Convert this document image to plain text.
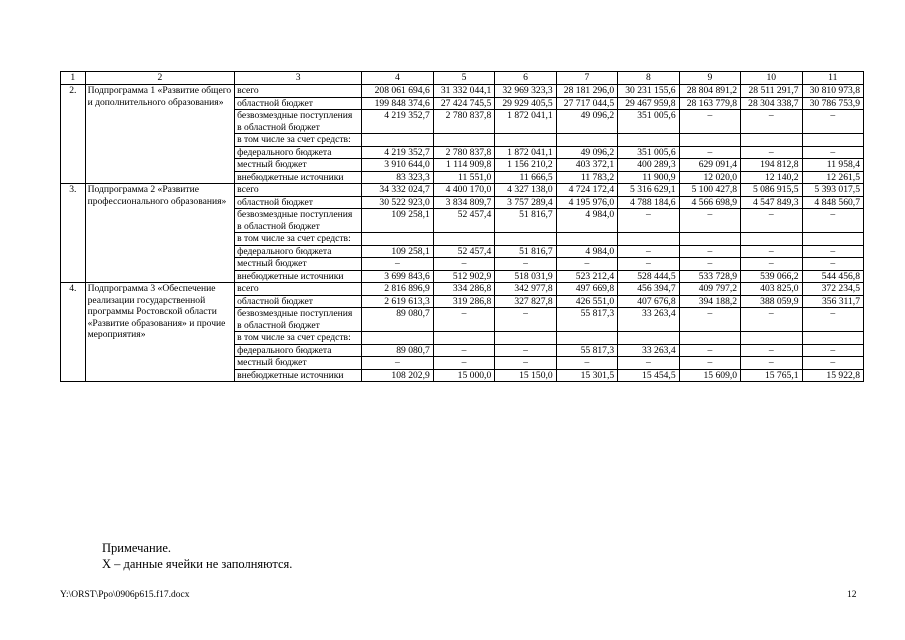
1	2	3	4	5	6	7	8	9	10	11
2.	Подпрограмма 1 «Развитие общего и дополнительного образования»	всего	208 061 694,6	31 332 044,1	32 969 323,3	28 181 296,0	30 231 155,6	28 804 891,2	28 511 291,7	30 810 973,8
		областной бюджет	199 848 374,6	27 424 745,5	29 929 405,5	27 717 044,5	29 467 959,8	28 163 779,8	28 304 338,7	30 786 753,9
		безвозмездные поступления в областной бюджет	4 219 352,7	2 780 837,8	1 872 041,1	49 096,2	351 005,6	–	–	–
		в том числе за счет средств:								
		федерального бюджета	4 219 352,7	2 780 837,8	1 872 041,1	49 096,2	351 005,6	–	–	–
		местный бюджет	3 910 644,0	1 114 909,8	1 156 210,2	403 372,1	400 289,3	629 091,4	194 812,8	11 958,4
		внебюджетные источники	83 323,3	11 551,0	11 666,5	11 783,2	11 900,9	12 020,0	12 140,2	12 261,5
3.	Подпрограмма 2 «Развитие профессионального образования»	всего	34 332 024,7	4 400 170,0	4 327 138,0	4 724 172,4	5 316 629,1	5 100 427,8	5 086 915,5	5 393 017,5
		областной бюджет	30 522 923,0	3 834 809,7	3 757 289,4	4 195 976,0	4 788 184,6	4 566 698,9	4 547 849,3	4 848 560,7
		безвозмездные поступления в областной бюджет	109 258,1	52 457,4	51 816,7	4 984,0	–	–	–	–
		в том числе за счет средств:								
		федерального бюджета	109 258,1	52 457,4	51 816,7	4 984,0	–	–	–	–
		местный бюджет	–	–	–	–	–	–	–	–
		внебюджетные источники	3 699 843,6	512 902,9	518 031,9	523 212,4	528 444,5	533 728,9	539 066,2	544 456,8
4.	Подпрограмма 3 «Обеспечение реализации государственной программы Ростовской области «Развитие образования» и прочие мероприятия»	всего	2 816 896,9	334 286,8	342 977,8	497 669,8	456 394,7	409 797,2	403 825,0	372 234,5
		областной бюджет	2 619 613,3	319 286,8	327 827,8	426 551,0	407 676,8	394 188,2	388 059,9	356 311,7
		безвозмездные поступления в областной бюджет	89 080,7	–	–	55 817,3	33 263,4	–	–	–
		в том числе за счет средств:								
		федерального бюджета	89 080,7	–	–	55 817,3	33 263,4	–	–	–
		местный бюджет	–	–	–	–	–	–	–	–
		внебюджетные источники	108 202,9	15 000,0	15 150,0	15 301,5	15 454,5	15 609,0	15 765,1	15 922,8
Примечание.
Х – данные ячейки не заполняются.
Y:\ORST\Ppo\0906p615.f17.docx	12
